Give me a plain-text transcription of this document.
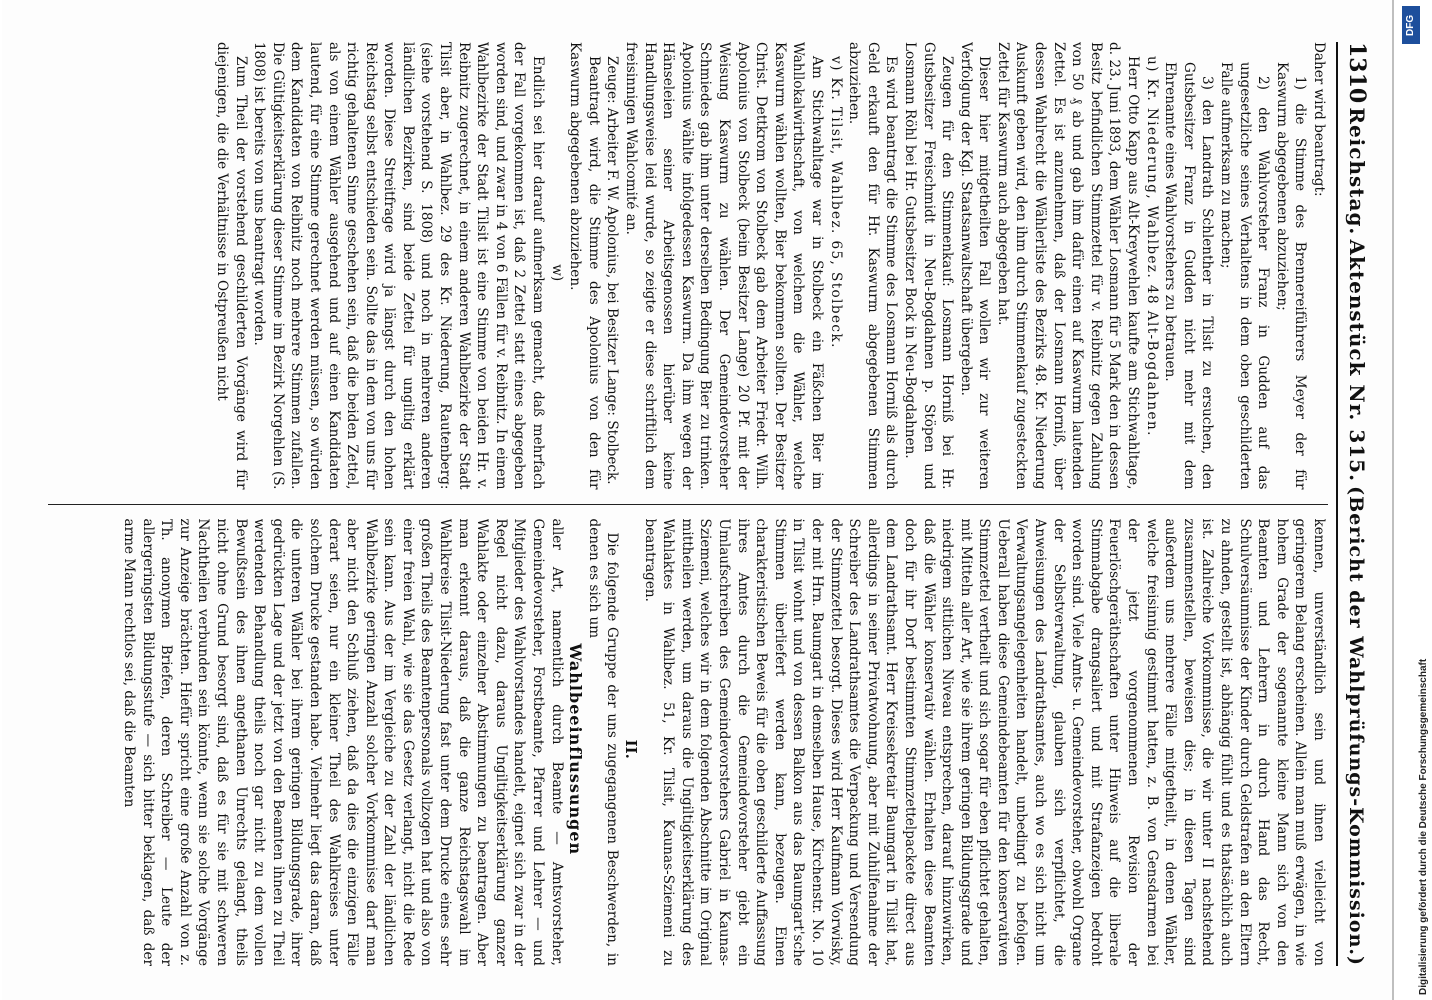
1310
Reichstag.
Aktenstück Nr. 315.
(Bericht der Wahlprüfungs-Kommission.)

Daher wird beantragt:

1) die Stimme des Brennereiführers Meyer der für Kaswurm abgegebenen abzuziehen;

2) den Wahlvorsteher Franz in Gudden auf das ungesetzliche seines Verhaltens in dem oben geschilderten Falle aufmerksam zu machen;

3) den Landrath Schlenther in Tilsit zu ersuchen, den Gutsbesitzer Franz in Gudden nicht mehr mit dem Ehrenamte eines Wahlvorstehers zu betrauen.

u) Kr. Niederung, Wahlbez. 48 Alt-Bogdahnen.

Herr Otto Kapp aus Alt-Kreywehlen kaufte am Stichwahltage, d. 23. Juni 1893, dem Wähler Losmann für 5 Mark den in dessen Besitz befindlichen Stimmzettel für v. Reibnitz gegen Zahlung von 50 ₰ ab und gab ihm dafür einen auf Kaswurm lautenden Zettel. Es ist anzunehmen, daß der Losmann Horniß, über dessen Wahlrecht die Wählerliste des Bezirks 48. Kr. Niederung Auskunft geben wird, den ihm durch Stimmenkauf zugesteckten Zettel für Kaswurm auch abgegeben hat.

Dieser hier mitgetheilten Fall wollen wir zur weiteren Verfolgung der Kgl. Staatsanwaltschaft übergeben.

Zeugen für den Stimmenkauf: Losmann Horniß bei Hr. Gutsbesitzer Freischmidt in Neu-Bogdahnen p. Stöpen und Losmann Röhl bei Hr. Gutsbesitzer Bock in Neu-Bogdahnen.

Es wird beantragt die Stimme des Losmann Horniß als durch Geld erkauft den für Hr. Kaswurm abgegebenen Stimmen abzuziehen.

v) Kr. Tilsit, Wahlbez. 65, Stolbeck.

Am Stichwahltage war in Stolbeck ein Fäßchen Bier im Wahllokalwirthschaft, von welchem die Wähler, welche Kaswurm wählen wollten, Bier bekommen sollten. Der Besitzer Christ. Dettkrom von Stolbeck gab dem Arbeiter Friedr. Wilh. Apolonius von Stolbeck (beim Besitzer Lange) 20 Pf. mit der Weisung Kaswurm zu wählen. Der Gemeindevorsteher Schmiedes gab ihm unter derselben Bedingung Bier zu trinken. Apolonius wählte infolgedessen Kaswurm. Da ihm wegen der Hänseleien seiner Arbeitsgenossen hierüber keine Handlungsweise leid wurde, so zeigte er diese schriftlich dem freisinnigen Wahlcomité an.

Zeuge: Arbeiter F. W. Apolonius, bei Besitzer Lange: Stolbeck.

Beantragt wird, die Stimme des Apolonius von den für Kaswurm abgegebenen abzuziehen.

w)

Endlich sei hier darauf aufmerksam gemacht, daß mehrfach der Fall vorgekommen ist, daß 2 Zettel statt eines abgegeben worden sind, und zwar in 4 von 6 Fällen für v. Reibnitz. In einem Wahlbezirke der Stadt Tilsit ist eine Stimme von beiden Hr. v. Reibnitz zugerechnet, in einem anderen Wahlbezirke der Stadt Tilsit aber, in Wahlbez. 29 des Kr. Niederung, Rautenberg: (siehe vorstehend S. 1808) und noch in mehreren anderen ländlichen Bezirken, sind beide Zettel für ungiltig erklärt worden. Diese Streitfrage wird ja längst durch den hohen Reichstag selbst entschieden sein. Sollte das in dem von uns für richtig gehaltenen Sinne geschehen sein, daß die beiden Zettel, als von einem Wähler ausgehend und auf einen Kandidaten lautend, für eine Stimme gerechnet werden müssen, so würden dem Kandidaten von Reibnitz noch mehrere Stimmen zufallen. Die Gültigkeitserklärung dieser Stimme im Bezirk Norgehlen (S. 1808) ist bereits von uns beantragt worden.

Zum Theil der vorstehend geschilderten Vorgänge wird für diejenigen, die die Verhältnisse in Ostpreußen nicht

kennen, unverständlich sein und ihnen vielleicht von geringerem Belang erscheinen. Allein man muß erwägen, in wie hohem Grade der sogenannte kleine Mann sich von den Beamten und Lehrern in durch Hand das Recht, Schulversäumnisse der Kinder durch Geldstrafen an den Eltern zu ahnden, gestellt ist, abhängig fühlt und es thatsächlich auch ist. Zahlreiche Vorkommnisse, die wir unter II nachstehend zusammenstellen, beweisen dies; in diesen Tagen sind außerdem uns mehrere Fälle mitgetheilt, in denen Wähler, welche freisinnig gestimmt hatten, z. B. von Gensdarmen bei der jetzt vorgenommenen Revision der Feuerlöschgeräthschaften unter Hinweis auf die liberale Stimmabgabe drangsaliert und mit Strafanzeigen bedroht worden sind. Viele Amts- u. Gemeindevorsteher, obwohl Organe der Selbstverwaltung, glauben sich verpflichtet, die Anweisungen des Landrathsamtes, auch wo es sich nicht um Verwaltungsangelegenheiten handelt, unbedingt zu befolgen. Ueberall haben diese Gemeindebeamten für den konservativen Stimmzettel vertheilt und sich sogar für eben pflichtet gehalten, mit Mitteln aller Art, wie sie ihrem geringen Bildungsgrade und niedrigem sittlichen Niveau entsprechen, darauf hinzuwirken, daß die Wähler konservativ wählen. Erhalten diese Beamten doch für ihr Dorf bestimmten Stimmzettelpackete direct aus dem Landrathsamt. Herr Kreissekretair Baumgart in Tilsit hat, allerdings in seiner Privatwohnung, aber mit Zuhilfenahme der Schreiber des Landrathsamtes die Verpackung und Versendung der Stimmzettel besorgt. Dieses wird Herr Kaufmann Vorwisky, der mit Hrn. Baumgart in demselben Hause, Kirchenstr. No. 10 in Tilsit wohnt und von dessen Balkon aus das Baumgart'sche Stimmen überliefert werden kann, bezeugen. Einen charakteristischen Beweis für die oben geschilderte Auffassung ihres Amtes durch die Gemeindevorsteher giebt ein Umlaufschreiben des Gemeindevorstehers Gabriel in Kaunas-Sziemeni, welches wir in dem folgenden Abschnitte im Original mittheilen werden, um daraus die Ungiltigkeitserklärung des Wahlaktes in Wahlbez. 51, Kr. Tilsit, Kaunas-Sziemeni zu beantragen.

II.

Die folgende Gruppe der uns zugegangenen Beschwerden, in denen es sich um

Wahlbeeinflussungen

aller Art, namentlich durch Beamte — Amtsvorsteher, Gemeindevorsteher, Forstbeamte, Pfarrer und Lehrer — und Mitglieder des Wahlvorstandes handelt, eignet sich zwar in der Regel nicht dazu, daraus Ungiltigkeitserklärung ganzer Wahlakte oder einzelner Abstimmungen zu beantragen. Aber man erkennt daraus, daß die ganze Reichstagswahl im Wahlkreise Tilsit-Niederung fast unter dem Drucke eines sehr großen Theils des Beamtenpersonals vollzogen hat und also von einer freien Wahl, wie sie das Gesetz verlangt, nicht die Rede sein kann. Aus der im Vergleiche zu der Zahl der ländlichen Wahlbezirke geringen Anzahl solcher Vorkommnisse darf man aber nicht den Schluß ziehen, daß da dies die einzigen Fälle derart seien, nur ein kleiner Theil des Wahlkreises unter solchem Drucke gestanden habe. Vielmehr liegt das daran, daß die unteren Wähler bei ihrem geringen Bildungsgrade, ihrer gedrückten Lage und der jetzt von den Beamten ihnen zu Theil werdenden Behandlung theils noch gar nicht zu dem vollen Bewußtsein des ihnen angethanen Unrechts gelangt, theils nicht ohne Grund besorgt sind, daß es für sie mit schweren Nachtheilen verbunden sein könnte, wenn sie solche Vorgänge zur Anzeige brächten. Hiefür spricht eine große Anzahl von z. Th. anonymen Briefen, deren Schreiber — Leute der allergeringsten Bildungsstufe — sich bitter beklagen, daß der arme Mann rechtlos sei, daß die Beamten

DFG
Digitalisierung gefördert durch die Deutsche Forschungsgemeinschaft
